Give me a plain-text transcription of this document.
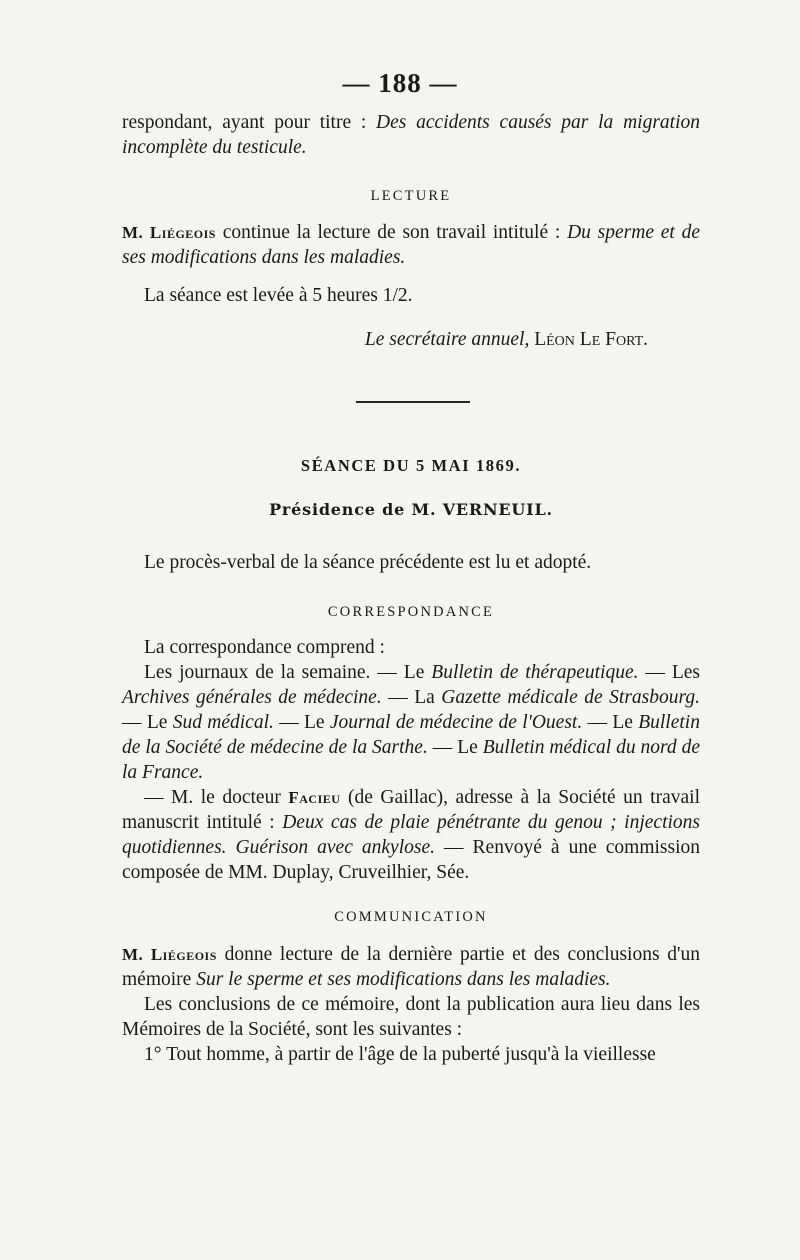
— 188 —

respondant, ayant pour titre : Des accidents causés par la migration incomplète du testicule.

LECTURE

M. Liégeois continue la lecture de son travail intitulé : Du sperme et de ses modifications dans les maladies.

La séance est levée à 5 heures 1/2.

Le secrétaire annuel, Léon Le Fort.
SÉANCE DU 5 MAI 1869.
Présidence de M. VERNEUIL.

Le procès-verbal de la séance précédente est lu et adopté.

CORRESPONDANCE

La correspondance comprend :

Les journaux de la semaine. — Le Bulletin de thérapeutique. — Les Archives générales de médecine. — La Gazette médicale de Strasbourg. — Le Sud médical. — Le Journal de médecine de l'Ouest. — Le Bulletin de la Société de médecine de la Sarthe. — Le Bulletin médical du nord de la France.

— M. le docteur Facieu (de Gaillac), adresse à la Société un travail manuscrit intitulé : Deux cas de plaie pénétrante du genou ; injections quotidiennes. Guérison avec ankylose. — Renvoyé à une commission composée de MM. Duplay, Cruveilhier, Sée.

COMMUNICATION

M. Liégeois donne lecture de la dernière partie et des conclusions d'un mémoire Sur le sperme et ses modifications dans les maladies.

Les conclusions de ce mémoire, dont la publication aura lieu dans les Mémoires de la Société, sont les suivantes :

1° Tout homme, à partir de l'âge de la puberté jusqu'à la vieillesse
